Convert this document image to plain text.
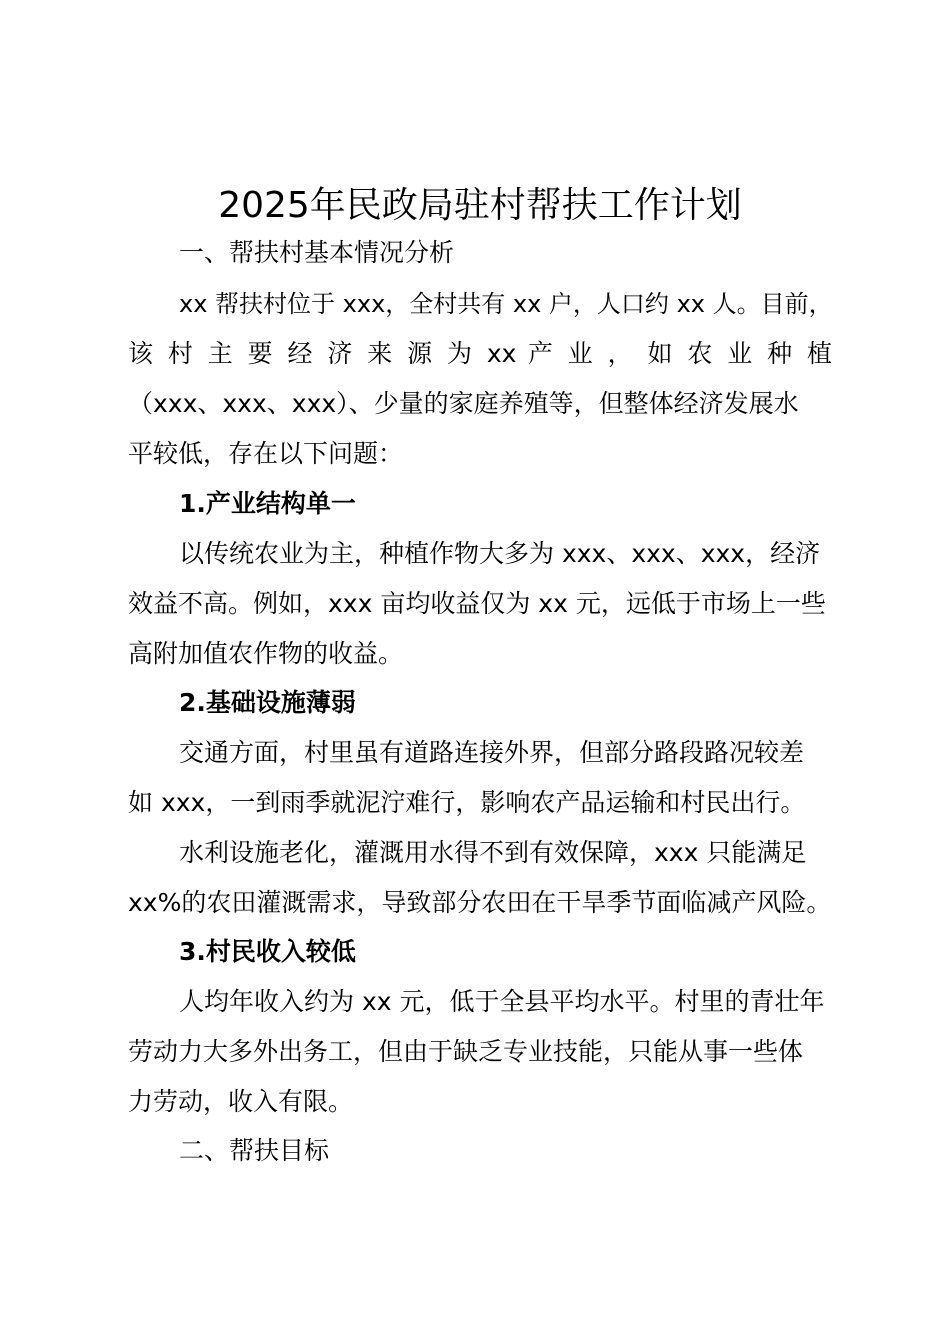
2025年民政局驻村帮扶工作计划
一、帮扶村基本情况分析
xx 帮扶村位于 xxx，全村共有 xx 户，人口约 xx 人。目前，
该 村 主 要 经 济 来 源 为 xx 产 业 ， 如 农 业 种 植
（xxx、xxx、xxx）、少量的家庭养殖等，但整体经济发展水
平较低，存在以下问题：
1.产业结构单一
以传统农业为主，种植作物大多为 xxx、xxx、xxx，经济
效益不高。例如，xxx 亩均收益仅为 xx 元，远低于市场上一些
高附加值农作物的收益。
2.基础设施薄弱
交通方面，村里虽有道路连接外界，但部分路段路况较差
如 xxx，一到雨季就泥泞难行，影响农产品运输和村民出行。
水利设施老化，灌溉用水得不到有效保障，xxx 只能满足
xx%的农田灌溉需求，导致部分农田在干旱季节面临减产风险。
3.村民收入较低
人均年收入约为 xx 元，低于全县平均水平。村里的青壮年
劳动力大多外出务工，但由于缺乏专业技能，只能从事一些体
力劳动，收入有限。
二、帮扶目标
